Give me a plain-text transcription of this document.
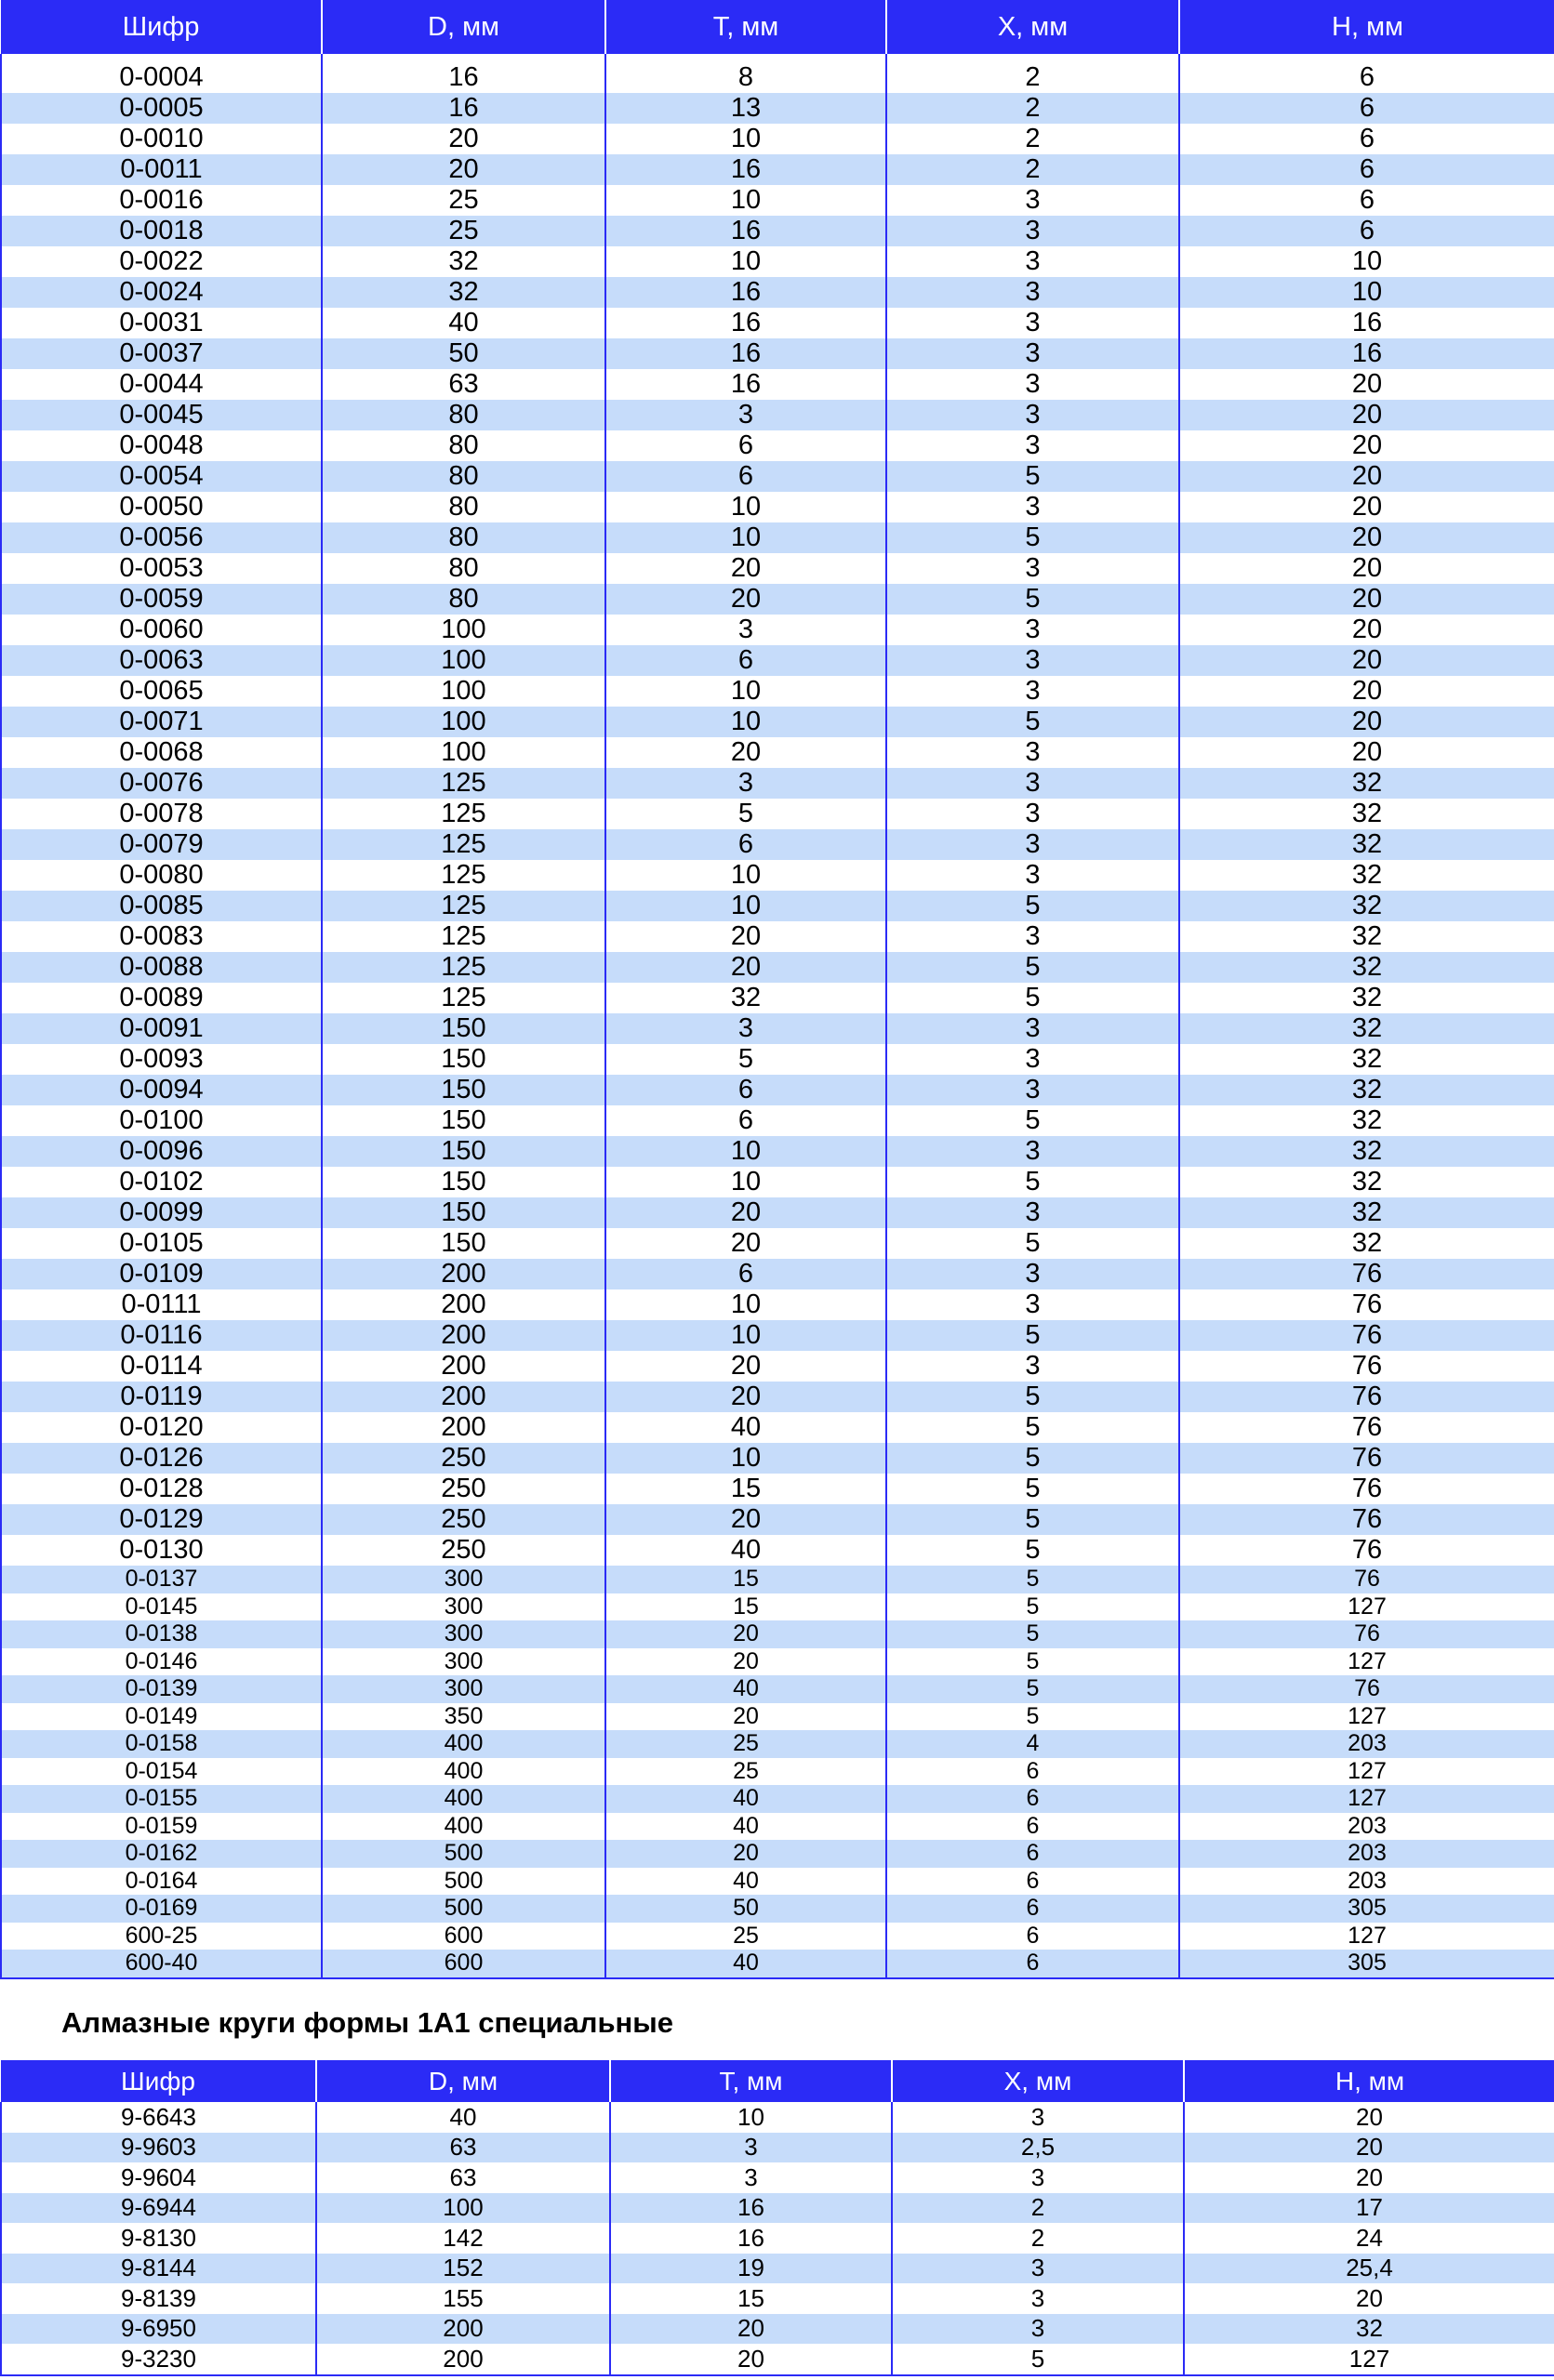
Шифр	D, мм	T, мм	X, мм	H, мм

0-0004	16	8	2	6
0-0005	16	13	2	6
0-0010	20	10	2	6
0-0011	20	16	2	6
0-0016	25	10	3	6
0-0018	25	16	3	6
0-0022	32	10	3	10
0-0024	32	16	3	10
0-0031	40	16	3	16
0-0037	50	16	3	16
0-0044	63	16	3	20
0-0045	80	3	3	20
0-0048	80	6	3	20
0-0054	80	6	5	20
0-0050	80	10	3	20
0-0056	80	10	5	20
0-0053	80	20	3	20
0-0059	80	20	5	20
0-0060	100	3	3	20
0-0063	100	6	3	20
0-0065	100	10	3	20
0-0071	100	10	5	20
0-0068	100	20	3	20
0-0076	125	3	3	32
0-0078	125	5	3	32
0-0079	125	6	3	32
0-0080	125	10	3	32
0-0085	125	10	5	32
0-0083	125	20	3	32
0-0088	125	20	5	32
0-0089	125	32	5	32
0-0091	150	3	3	32
0-0093	150	5	3	32
0-0094	150	6	3	32
0-0100	150	6	5	32
0-0096	150	10	3	32
0-0102	150	10	5	32
0-0099	150	20	3	32
0-0105	150	20	5	32
0-0109	200	6	3	76
0-0111	200	10	3	76
0-0116	200	10	5	76
0-0114	200	20	3	76
0-0119	200	20	5	76
0-0120	200	40	5	76
0-0126	250	10	5	76
0-0128	250	15	5	76
0-0129	250	20	5	76
0-0130	250	40	5	76
0-0137	300	15	5	76
0-0145	300	15	5	127
0-0138	300	20	5	76
0-0146	300	20	5	127
0-0139	300	40	5	76
0-0149	350	20	5	127
0-0158	400	25	4	203
0-0154	400	25	6	127
0-0155	400	40	6	127
0-0159	400	40	6	203
0-0162	500	20	6	203
0-0164	500	40	6	203
0-0169	500	50	6	305
600-25	600	25	6	127
600-40	600	40	6	305
Алмазные круги формы 1А1 специальные
Шифр	D, мм	T, мм	X, мм	H, мм
9-6643	40	10	3	20
9-9603	63	3	2,5	20
9-9604	63	3	3	20
9-6944	100	16	2	17
9-8130	142	16	2	24
9-8144	152	19	3	25,4
9-8139	155	15	3	20
9-6950	200	20	3	32
9-3230	200	20	5	127
